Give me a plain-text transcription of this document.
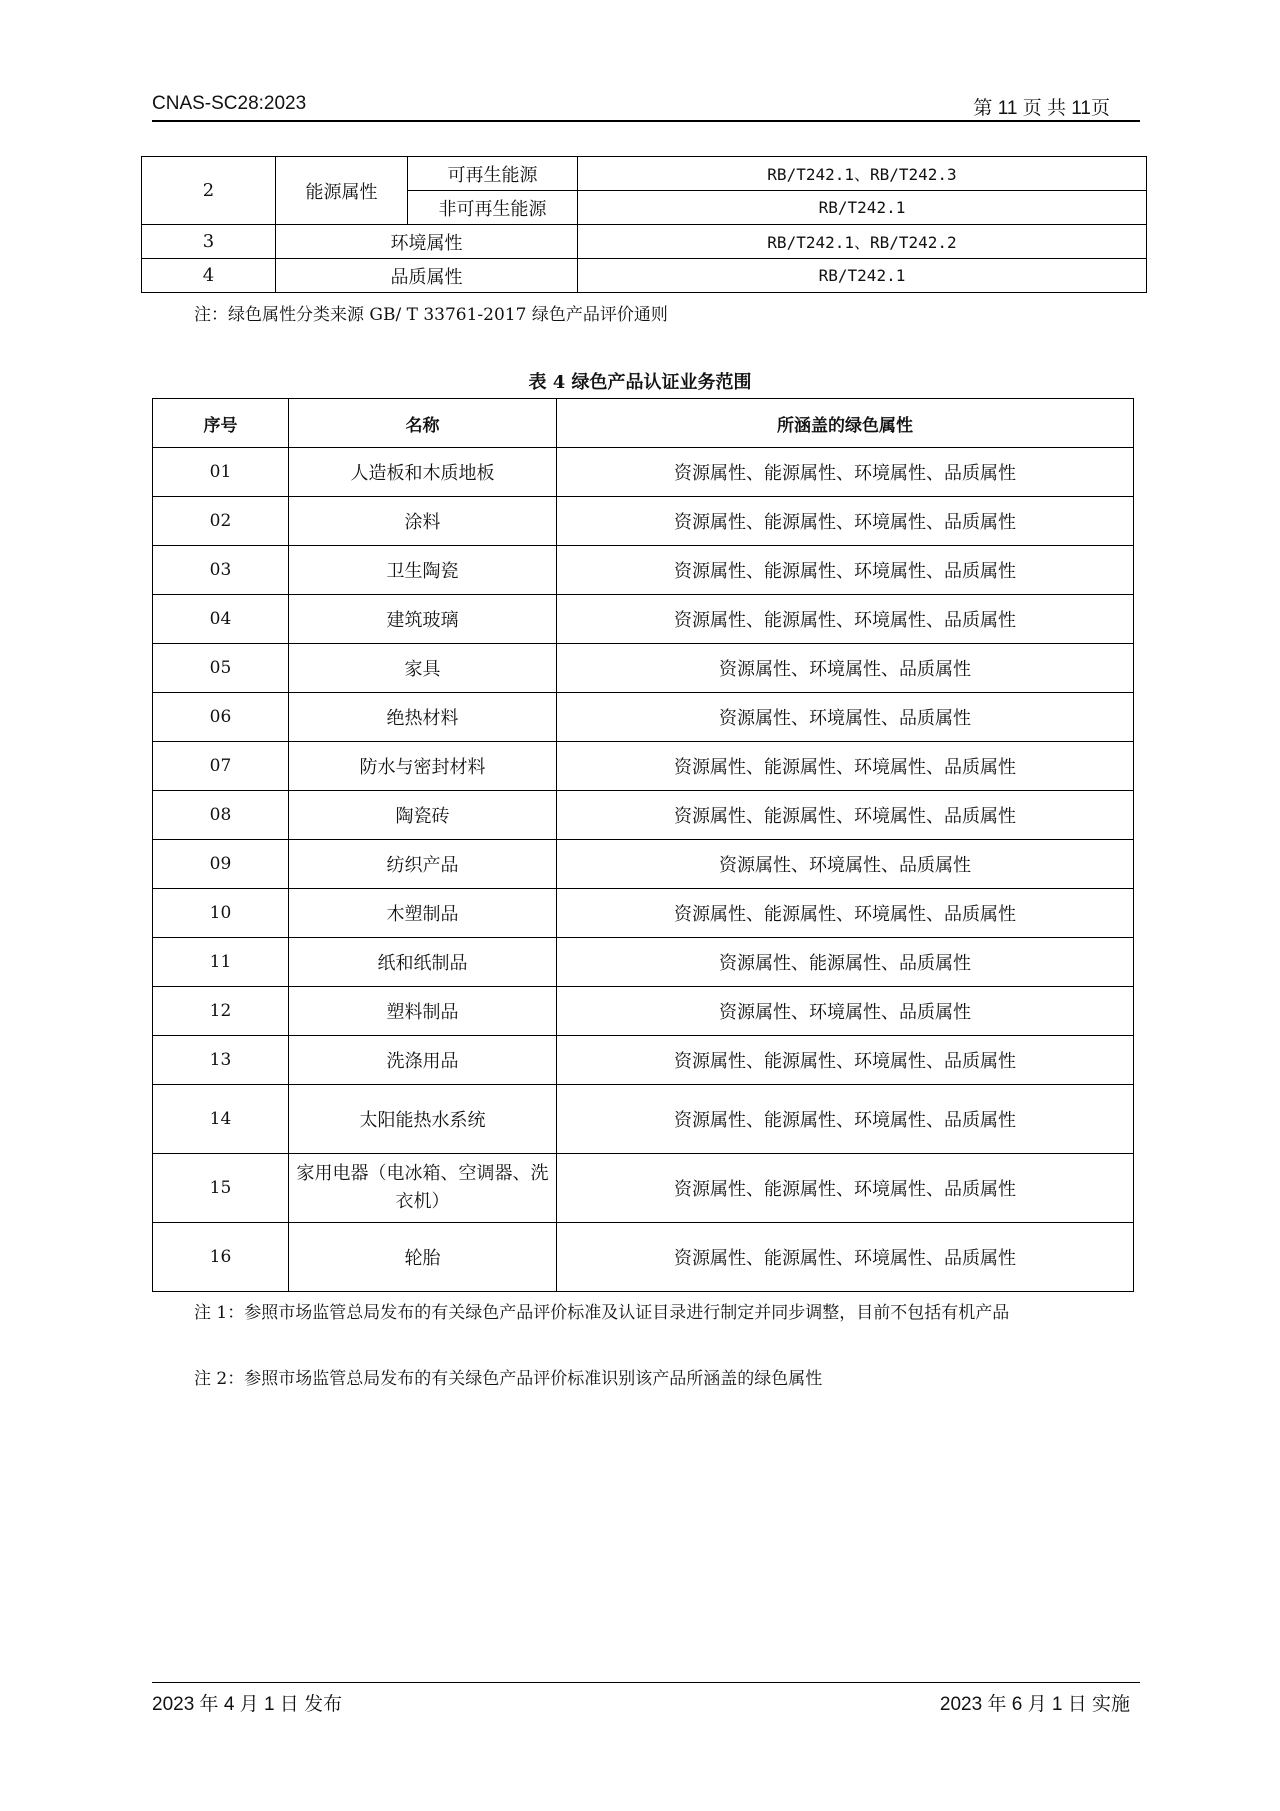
CNAS-SC28:2023	第 11 页 共 11页
2	能源属性	可再生能源	RB/T242.1、RB/T242.3
		非可再生能源	RB/T242.1
3	环境属性		RB/T242.1、RB/T242.2
4	品质属性		RB/T242.1
注：绿色属性分类来源 GB/ T 33761-2017 绿色产品评价通则
表 4 绿色产品认证业务范围
序号	名称	所涵盖的绿色属性
01	人造板和木质地板	资源属性、能源属性、环境属性、品质属性
02	涂料	资源属性、能源属性、环境属性、品质属性
03	卫生陶瓷	资源属性、能源属性、环境属性、品质属性
04	建筑玻璃	资源属性、能源属性、环境属性、品质属性
05	家具	资源属性、环境属性、品质属性
06	绝热材料	资源属性、环境属性、品质属性
07	防水与密封材料	资源属性、能源属性、环境属性、品质属性
08	陶瓷砖	资源属性、能源属性、环境属性、品质属性
09	纺织产品	资源属性、环境属性、品质属性
10	木塑制品	资源属性、能源属性、环境属性、品质属性
11	纸和纸制品	资源属性、能源属性、品质属性
12	塑料制品	资源属性、环境属性、品质属性
13	洗涤用品	资源属性、能源属性、环境属性、品质属性
14	太阳能热水系统	资源属性、能源属性、环境属性、品质属性
15	家用电器（电冰箱、空调器、洗衣机）	资源属性、能源属性、环境属性、品质属性
16	轮胎	资源属性、能源属性、环境属性、品质属性
注 1：参照市场监管总局发布的有关绿色产品评价标准及认证目录进行制定并同步调整，目前不包括有机产品
注 2：参照市场监管总局发布的有关绿色产品评价标准识别该产品所涵盖的绿色属性
2023 年 4 月 1 日 发布	2023 年 6 月 1 日 实施
